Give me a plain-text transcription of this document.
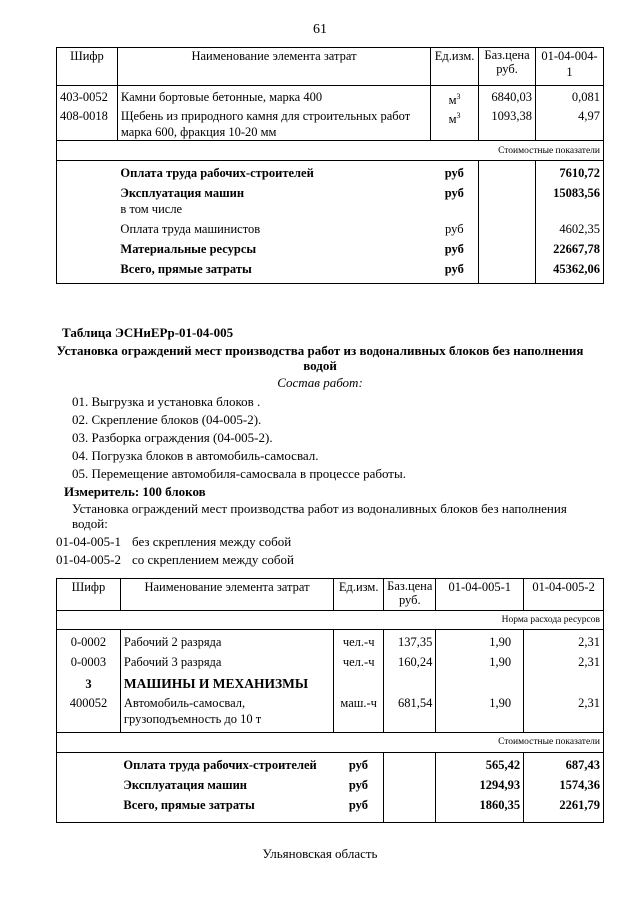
61
Шифр	Наименование элемента затрат	Ед.изм.	Баз.цена руб.	01-04-004-1
403-0052	Камни бортовые бетонные, марка 400	$м^3$	6840,03	0,081
408-0018	Щебень из природного камня для строительных работ
марка 600, фракция 10-20 мм	$м^3$	1093,38	4,97
Стоимостные показатели				
	Оплата труда рабочих-строителей	руб		7610,72
	Эксплуатация машин	руб		15083,56
	в том числе			
	Оплата труда машинистов	руб		4602,35
	Материальные ресурсы	руб		22667,78
	Всего, прямые затраты	руб		45362,06
Таблица ЭСНиЕРр-01-04-005
Установка ограждений мест производства работ из водоналивных блоков без наполнения
водой
Состав работ:
01. Выгрузка и установка блоков .
02. Скрепление блоков (04-005-2).
03. Разборка ограждения (04-005-2).
04. Погрузка блоков в автомобиль-самосвал.
05. Перемещение автомобиля-самосвала в процессе работы.
Измеритель: 100 блоков
Установка ограждений мест производства работ из водоналивных блоков без наполнения
водой:
01-04-005-1 без скрепления между собой
01-04-005-2 со скреплением между собой
Шифр	Наименование элемента затрат	Ед.изм.	Баз.цена руб.	01-04-005-1	01-04-005-2
Норма расхода ресурсов					
0-0002	Рабочий 2 разряда	чел.-ч	137,35	1,90	2,31
0-0003	Рабочий 3 разряда	чел.-ч	160,24	1,90	2,31
3	МАШИНЫ И МЕХАНИЗМЫ				
400052	Автомобиль-самосвал,
грузоподъемность до 10 т	маш.-ч	681,54	1,90	2,31
Стоимостные показатели					
	Оплата труда рабочих-строителей	руб		565,42	687,43
	Эксплуатация машин	руб		1294,93	1574,36
	Всего, прямые затраты	руб		1860,35	2261,79
Ульяновская область
